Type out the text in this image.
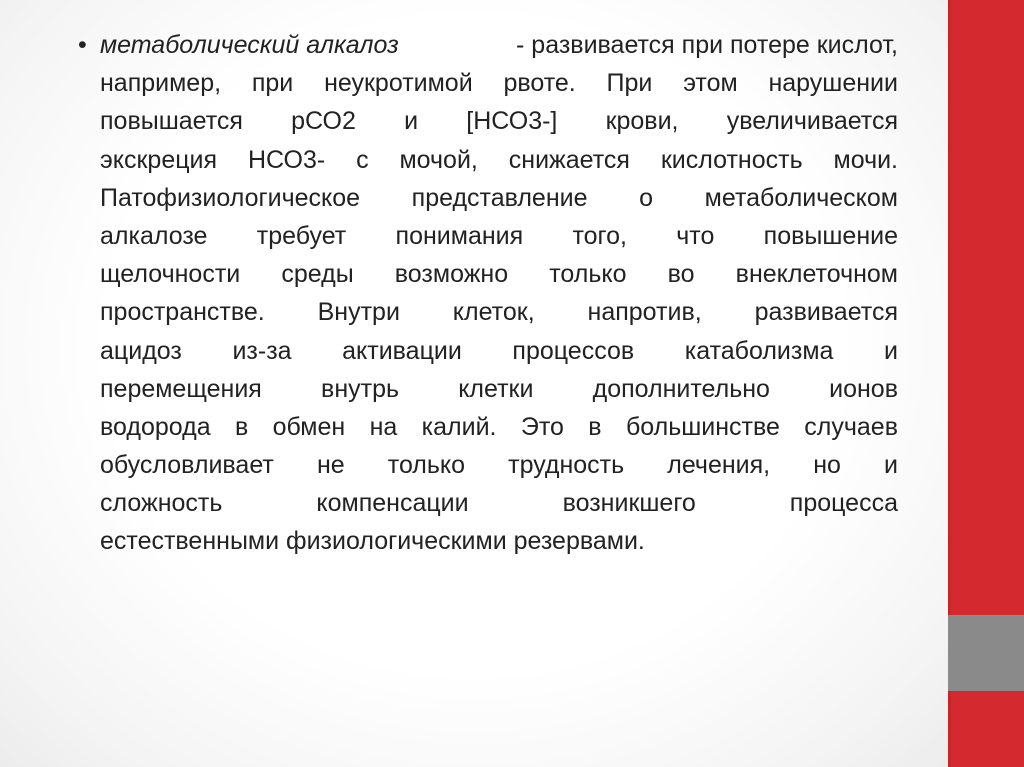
• метаболический алкалоз	- развивается при потере кислот,
например, при неукротимой рвоте. При этом нарушении
повышается рСО2 и [НСО3-] крови, увеличивается
экскреция НСО3- с мочой, снижается кислотность мочи.
Патофизиологическое представление о метаболическом
алкалозе требует понимания того, что повышение
щелочности среды возможно только во внеклеточном
пространстве. Внутри клеток, напротив, развивается
ацидоз из-за активации процессов катаболизма и
перемещения внутрь клетки дополнительно ионов
водорода в обмен на калий. Это в большинстве случаев
обусловливает не только трудность лечения, но и
сложность компенсации возникшего процесса
естественными физиологическими резервами.
